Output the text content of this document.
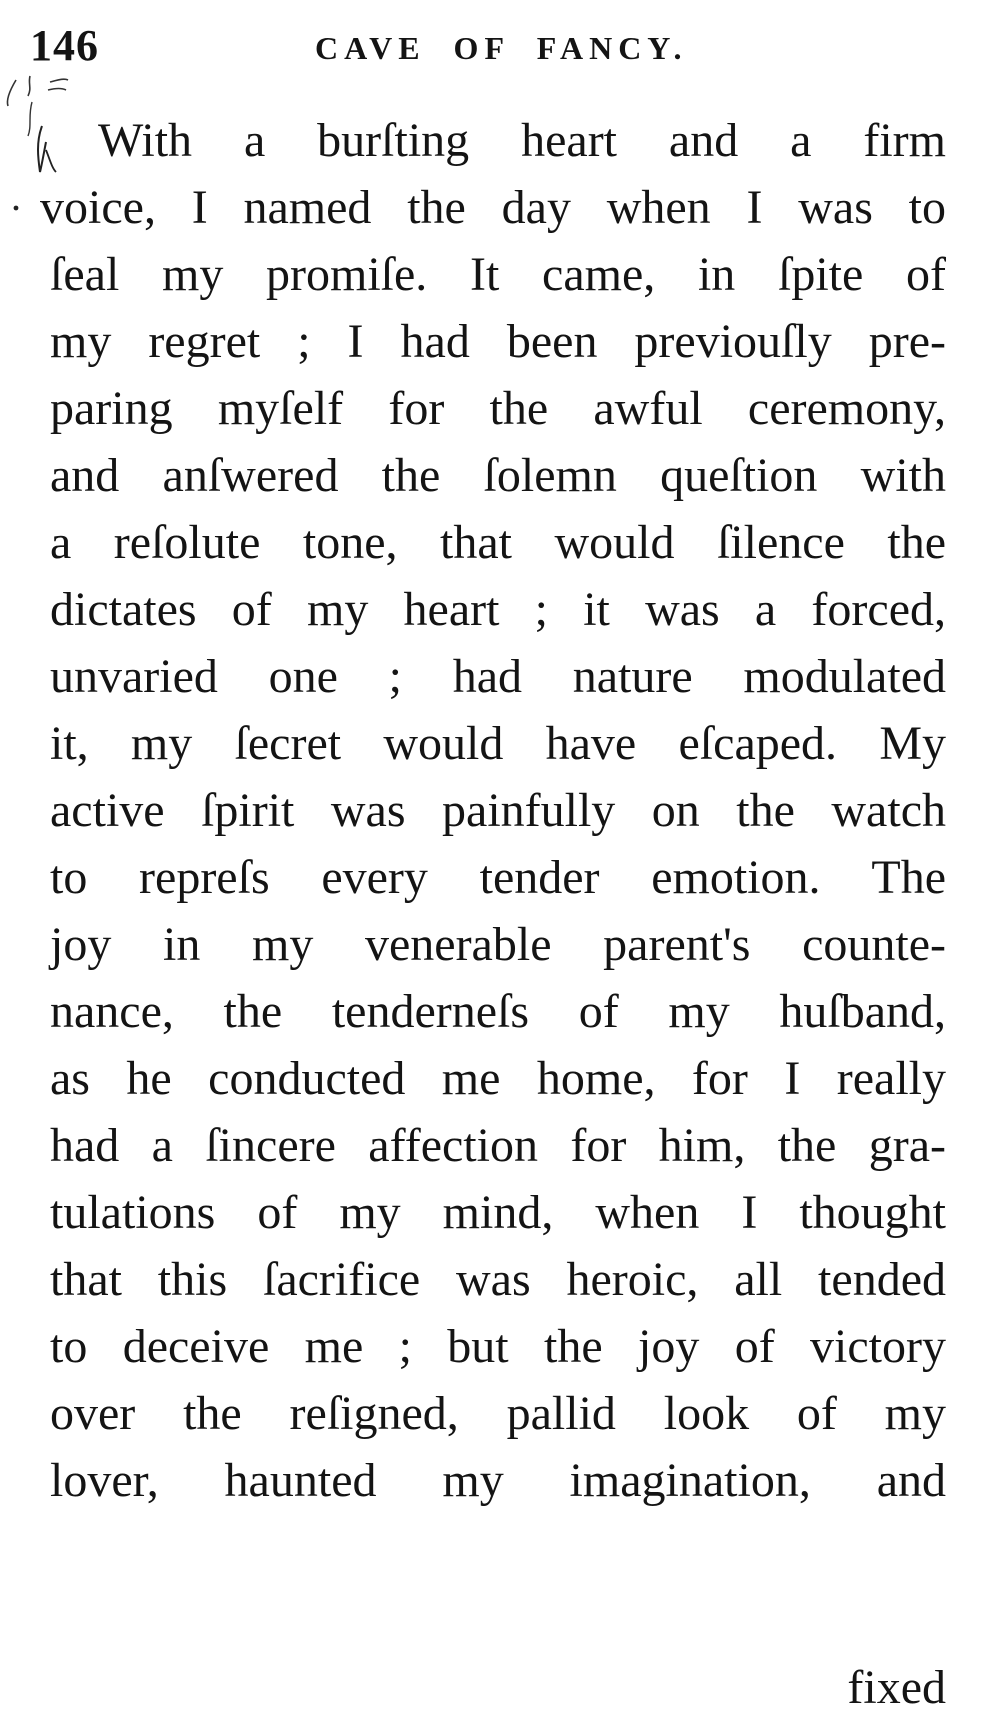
146	CAVE OF FANCY.
With a burſting heart and a firm
voice, I named the day when I was to
ſeal my promiſe. It came, in ſpite of
my regret ; I had been previouſly pre-
paring myſelf for the awful ceremony,
and anſwered the ſolemn queſtion with
a reſolute tone, that would ſilence the
dictates of my heart ; it was a forced,
unvaried one ; had nature modulated
it, my ſecret would have eſcaped. My
active ſpirit was painfully on the watch
to repreſs every tender emotion. The
joy in my venerable parent's counte-
nance, the tenderneſs of my huſband,
as he conducted me home, for I really
had a ſincere affection for him, the gra-
tulations of my mind, when I thought
that this ſacrifice was heroic, all tended
to deceive me ; but the joy of victory
over the reſigned, pallid look of my
lover, haunted my imagination, and
fixed
